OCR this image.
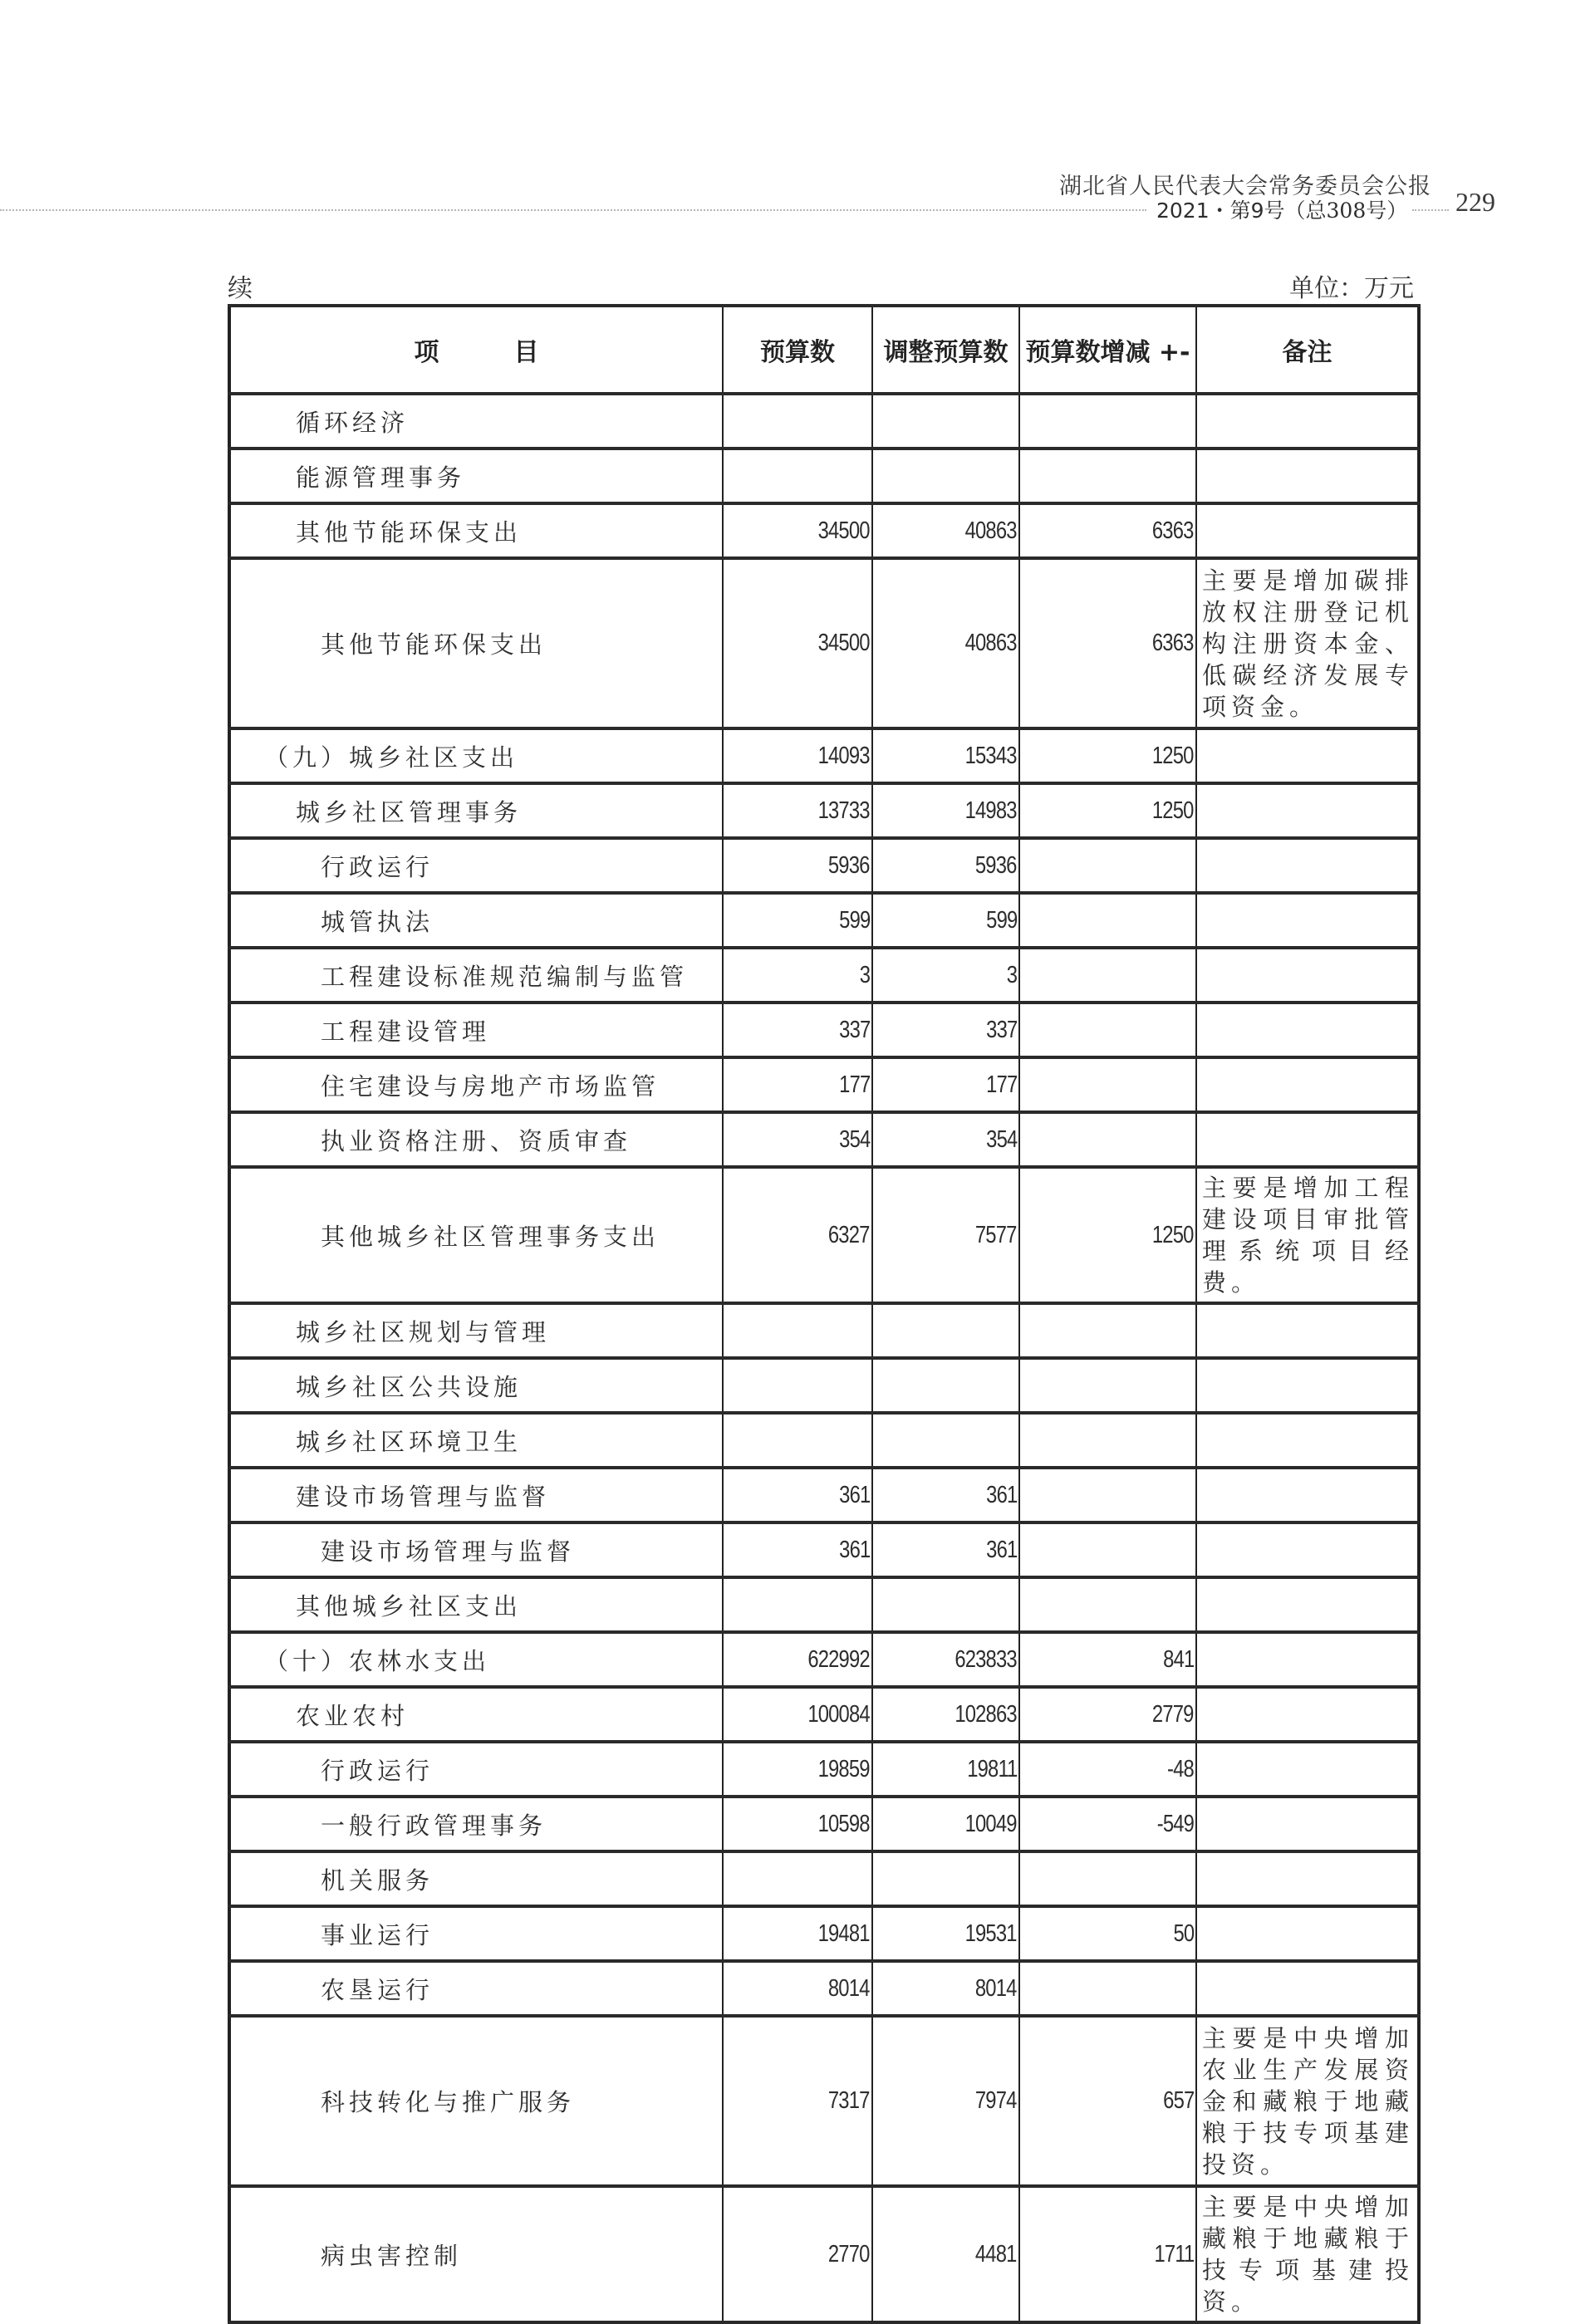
湖北省人民代表大会常务委员会公报
2021・第9号（总308号） 229
续	单位：万元
项 目	预算数	调整预算数	预算数增减 +-	备注
循环经济				
能源管理事务				
其他节能环保支出	34500	40863	6363	
其他节能环保支出	34500	40863	6363	主要是增加碳排放权注册登记机构注册资本金、低碳经济发展专项资金。
（九）城乡社区支出	14093	15343	1250	
城乡社区管理事务	13733	14983	1250	
行政运行	5936	5936		
城管执法	599	599		
工程建设标准规范编制与监管	3	3		
工程建设管理	337	337		
住宅建设与房地产市场监管	177	177		
执业资格注册、资质审查	354	354		
其他城乡社区管理事务支出	6327	7577	1250	主要是增加工程建设项目审批管理系统项目经费。
城乡社区规划与管理				
城乡社区公共设施				
城乡社区环境卫生				
建设市场管理与监督	361	361		
建设市场管理与监督	361	361		
其他城乡社区支出				
（十）农林水支出	622992	623833	841	
农业农村	100084	102863	2779	
行政运行	19859	19811	-48	
一般行政管理事务	10598	10049	-549	
机关服务				
事业运行	19481	19531	50	
农垦运行	8014	8014		
科技转化与推广服务	7317	7974	657	主要是中央增加农业生产发展资金和藏粮于地藏粮于技专项基建投资。
病虫害控制	2770	4481	1711	主要是中央增加藏粮于地藏粮于技专项基建投资。
